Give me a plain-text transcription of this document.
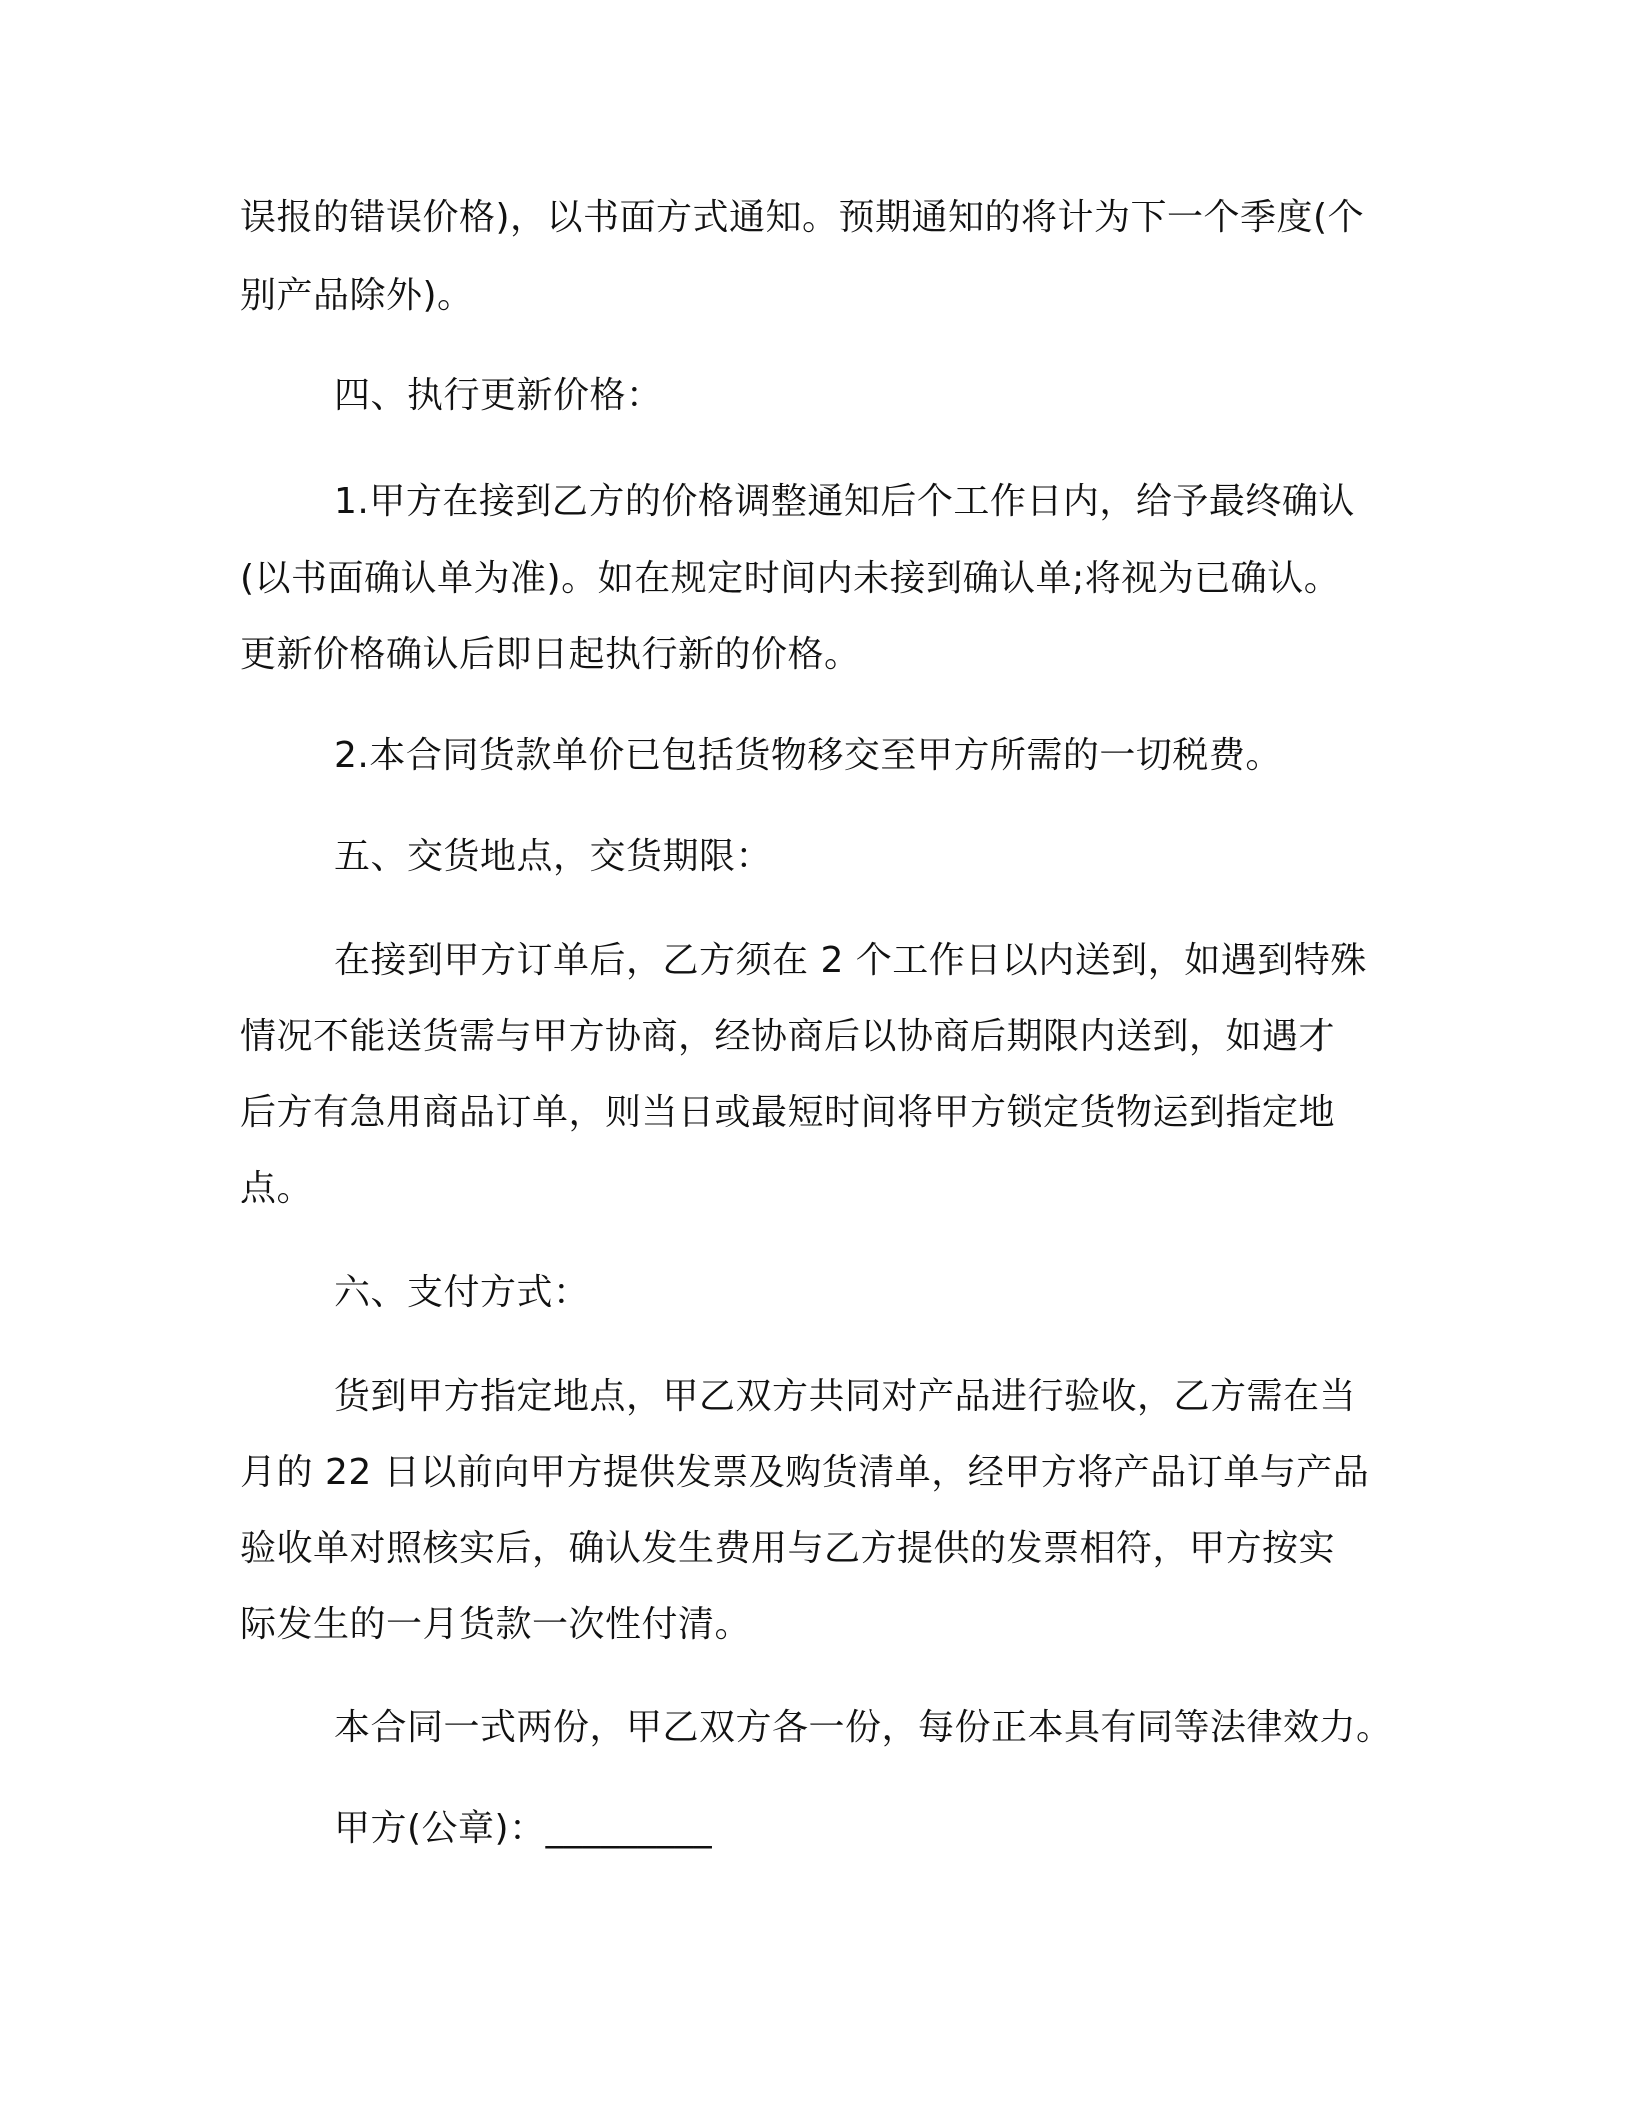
误报的错误价格)，以书面方式通知。预期通知的将计为下一个季度(个
别产品除外)。
四、执行更新价格：
1.甲方在接到乙方的价格调整通知后个工作日内，给予最终确认
(以书面确认单为准)。如在规定时间内未接到确认单;将视为已确认。
更新价格确认后即日起执行新的价格。
2.本合同货款单价已包括货物移交至甲方所需的一切税费。
五、交货地点，交货期限：
在接到甲方订单后，乙方须在 2 个工作日以内送到，如遇到特殊
情况不能送货需与甲方协商，经协商后以协商后期限内送到，如遇才
后方有急用商品订单，则当日或最短时间将甲方锁定货物运到指定地
点。
六、支付方式：
货到甲方指定地点，甲乙双方共同对产品进行验收，乙方需在当
月的 22 日以前向甲方提供发票及购货清单，经甲方将产品订单与产品
验收单对照核实后，确认发生费用与乙方提供的发票相符，甲方按实
际发生的一月货款一次性付清。
本合同一式两份，甲乙双方各一份，每份正本具有同等法律效力。
甲方(公章)：_________
